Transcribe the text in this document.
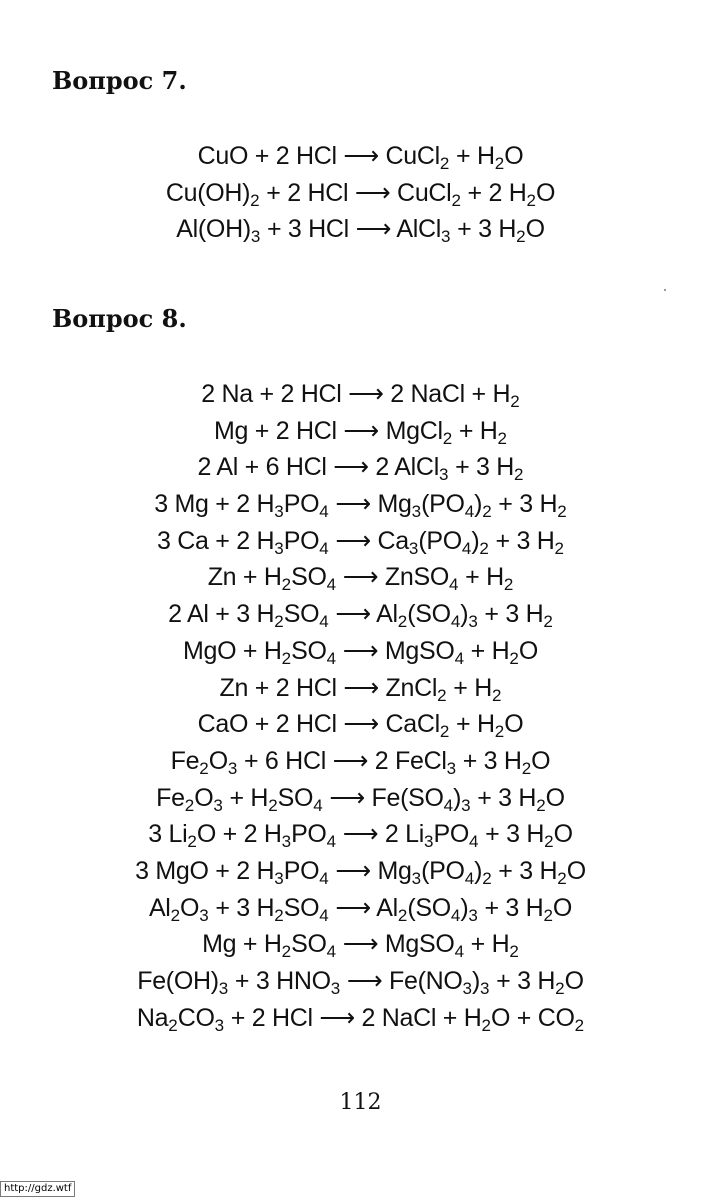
Вопрос 7.
CuO + 2 HCl ⟶ CuCl$_2$ + $H_2O$
$Cu(OH)_2 + 2$ HCl ⟶ CuCl$_2$ + 2 $H_2O$
$Al(OH)_3 + 3$ HCl ⟶ AlCl$_3$ + 3 $H_2O$
Вопрос 8.
2 Na + 2 HCl ⟶ 2 NaCl + $H_2$
Mg + 2 HCl ⟶ MgCl$_2$ + $H_2$
2 Al + 6 HCl ⟶ 2 AlCl$_3$ + 3 $H_2$
3 Mg + 2 $H_3PO_4$ ⟶ $Mg_3(PO_4)_2 + 3$ $H_2$
3 Ca + 2 $H_3PO_4$ ⟶ $Ca_3(PO_4)_2 + 3$ $H_2$
$Zn + H_2SO_4$ ⟶ ZnSO$_4$ + $H_2$
2 Al + 3 $H_2SO_4$ ⟶ $Al_2(SO_4)_3 + 3$ $H_2$
MgO + $H_2SO_4$ ⟶ MgSO$_4$ + $H_2O$
Zn + 2 HCl ⟶ ZnCl$_2$ + $H_2$
CaO + 2 HCl ⟶ CaCl$_2$ + $H_2O$
$Fe_2O_3 + 6$ HCl ⟶ 2 FeCl$_3$ + 3 $H_2O$
$Fe_2O_3 + H_2SO_4$ ⟶ $Fe(SO_4)_3 + 3$ $H_2O$
3 $Li_2O + 2$ $H_3PO_4$ ⟶ 2 $Li_3PO_4 + 3$ $H_2O$
3 MgO + 2 $H_3PO_4$ ⟶ $Mg_3(PO_4)_2 + 3$ $H_2O$
$Al_2O_3 + 3$ $H_2SO_4$ ⟶ $Al_2(SO_4)_3 + 3$ $H_2O$
$Mg + H_2SO_4$ ⟶ MgSO$_4$ + $H_2$
$Fe(OH)_3 + 3$ $HNO_3$ ⟶ $Fe(NO_3)_3 + 3$ $H_2O$
$Na_2CO_3 + 2$ HCl ⟶ 2 NaCl + $H_2O + CO_2$
112
http://gdz.wtf
